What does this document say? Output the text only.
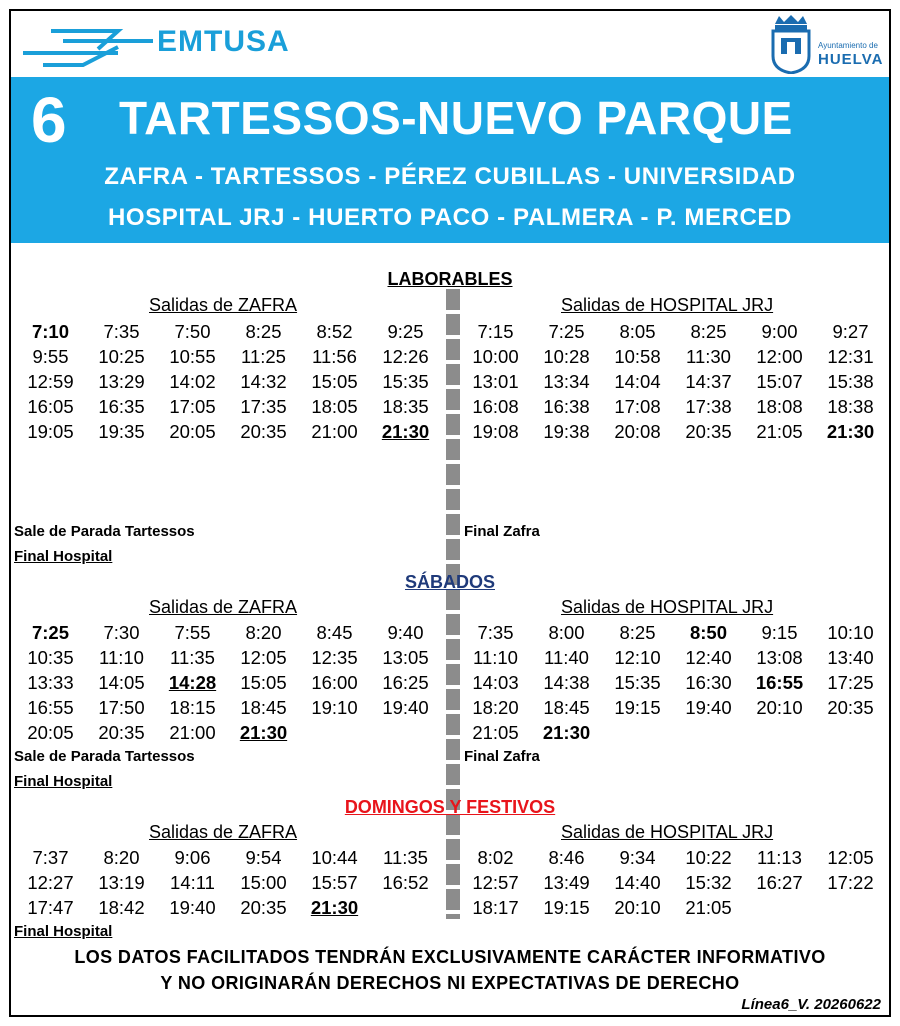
EMTUSA	Ayuntamiento de
HUELVA
6 TARTESSOS-NUEVO PARQUE
ZAFRA - TARTESSOS - PÉREZ CUBILLAS - UNIVERSIDAD
HOSPITAL JRJ - HUERTO PACO - PALMERA - P. MERCED
LABORABLES
Salidas de ZAFRA	Salidas de HOSPITAL JRJ
7:10	7:35	7:50	8:25	8:52	9:25
9:55	10:25	10:55	11:25	11:56	12:26
12:59	13:29	14:02	14:32	15:05	15:35
16:05	16:35	17:05	17:35	18:05	18:35
19:05	19:35	20:05	20:35	21:00	21:30
7:15	7:25	8:05	8:25	9:00	9:27
10:00	10:28	10:58	11:30	12:00	12:31
13:01	13:34	14:04	14:37	15:07	15:38
16:08	16:38	17:08	17:38	18:08	18:38
19:08	19:38	20:08	20:35	21:05	21:30
Sale de Parada Tartessos
Final Hospital
Final Zafra
SÁBADOS
Salidas de ZAFRA	Salidas de HOSPITAL JRJ
7:25	7:30	7:55	8:20	8:45	9:40
10:35	11:10	11:35	12:05	12:35	13:05
13:33	14:05	14:28	15:05	16:00	16:25
16:55	17:50	18:15	18:45	19:10	19:40
20:05	20:35	21:00	21:30
7:35	8:00	8:25	8:50	9:15	10:10
11:10	11:40	12:10	12:40	13:08	13:40
14:03	14:38	15:35	16:30	16:55	17:25
18:20	18:45	19:15	19:40	20:10	20:35
21:05	21:30
Sale de Parada Tartessos
Final Hospital
Final Zafra
DOMINGOS Y FESTIVOS
Salidas de ZAFRA	Salidas de HOSPITAL JRJ
7:37	8:20	9:06	9:54	10:44	11:35
12:27	13:19	14:11	15:00	15:57	16:52
17:47	18:42	19:40	20:35	21:30
8:02	8:46	9:34	10:22	11:13	12:05
12:57	13:49	14:40	15:32	16:27	17:22
18:17	19:15	20:10	21:05
Final Hospital
LOS DATOS FACILITADOS TENDRÁN EXCLUSIVAMENTE CARÁCTER INFORMATIVO
Y NO ORIGINARÁN DERECHOS NI EXPECTATIVAS DE DERECHO
Línea6_V. 20260622
